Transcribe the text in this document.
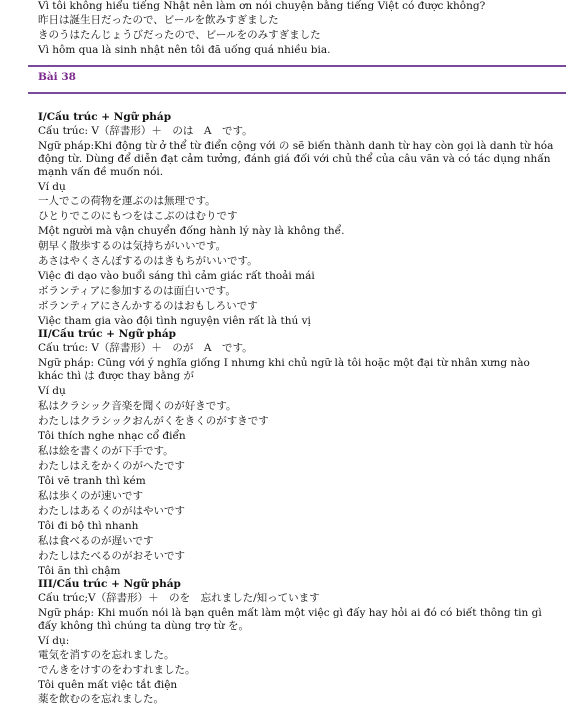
Vì tôi không hiểu tiếng Nhật nên làm ơn nói chuyện bằng tiếng Việt có được không?
昨日は誕生日だったので、ビールを飲みすぎました
きのうはたんじょうびだったので、ビールをのみすぎました
Vì hôm qua là sinh nhật nên tôi đã uống quá nhiều bia.
Bài 38
I/Cấu trúc + Ngữ pháp
Cấu trúc: V（辞書形）＋　のは　A　です。
Ngữ pháp:Khi động từ ở thể từ điển cộng với の sẽ biến thành danh từ hay còn gọi là danh từ hóa động từ. Dùng để diễn đạt cảm tưởng, đánh giá đối với chủ thể của câu văn và có tác dụng nhấn mạnh vấn đề muốn nói.
Ví dụ
一人でこの荷物を運ぶのは無理です。
ひとりでこのにもつをはこぶのはむりです
Một người mà vận chuyển đống hành lý này là không thể.
朝早く散歩するのは気持ちがいいです。
あさはやくさんぽするのはきもちがいいです。
Việc đi dạo vào buổi sáng thì cảm giác rất thoải mái
ボランティアに参加するのは面白いです。
ボランティアにさんかするのはおもしろいです
Việc tham gia vào đội tình nguyện viên rất là thú vị
II/Cấu trúc + Ngữ pháp
Cấu trúc: V（辞書形）＋　のが　A　です。
Ngữ pháp: Cũng với ý nghĩa giống I nhưng khi chủ ngữ là tôi hoặc một đại từ nhân xưng nào khác thì は được thay bằng が
Ví dụ
私はクラシック音楽を聞くのが好きです。
わたしはクラシックおんがくをきくのがすきです
Tôi thích nghe nhạc cổ điển
私は絵を書くのが下手です。
わたしはえをかくのがへたです
Tôi vẽ tranh thì kém
私は歩くのが速いです
わたしはあるくのがはやいです
Tôi đi bộ thì nhanh
私は食べるのが遅いです
わたしはたべるのがおそいです
Tôi ăn thì chậm
III/Cấu trúc + Ngữ pháp
Cấu trúc;V（辞書形）＋　のを　忘れました/知っています
Ngữ pháp: Khi muốn nói là bạn quên mất làm một việc gì đấy hay hỏi ai đó có biết thông tin gì đấy không thì chúng ta dùng trợ từ を。
Ví dụ:
電気を消すのを忘れました。
でんきをけすのをわすれました。
Tôi quên mất việc tắt điện
薬を飲むのを忘れました。
